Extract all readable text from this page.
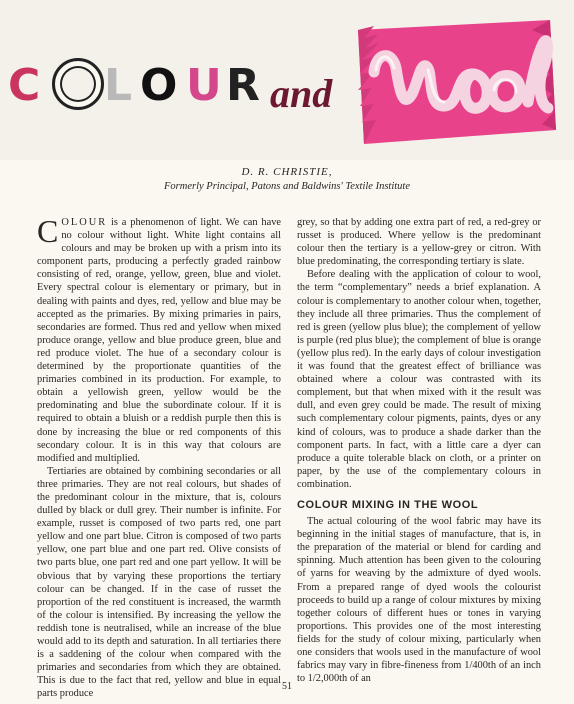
C L O U R and
D. R. CHRISTIE,
Formerly Principal, Patons and Baldwins' Textile Institute

COLOUR is a phenomenon of light. We can have no colour without light. White light contains all colours and may be broken up with a prism into its component parts, producing a perfectly graded rainbow consisting of red, orange, yellow, green, blue and violet. Every spectral colour is elementary or primary, but in dealing with paints and dyes, red, yellow and blue may be accepted as the primaries. By mixing primaries in pairs, secondaries are formed. Thus red and yellow when mixed produce orange, yellow and blue produce green, blue and red produce violet. The hue of a secondary colour is determined by the proportionate quantities of the primaries combined in its production. For example, to obtain a yellowish green, yellow would be the predominating and blue the subordinate colour. If it is required to obtain a bluish or a reddish purple then this is done by increasing the blue or red components of this secondary colour. It is in this way that colours are modified and multiplied.

Tertiaries are obtained by combining secondaries or all three primaries. They are not real colours, but shades of the predominant colour in the mixture, that is, colours dulled by black or dull grey. Their number is infinite. For example, russet is composed of two parts red, one part yellow and one part blue. Citron is composed of two parts yellow, one part blue and one part red. Olive consists of two parts blue, one part red and one part yellow. It will be obvious that by varying these proportions the tertiary colour can be changed. If in the case of russet the proportion of the red constituent is increased, the warmth of the colour is intensified. By increasing the yellow the reddish tone is neutralised, while an increase of the blue would add to its depth and saturation. In all tertiaries there is a saddening of the colour when compared with the primaries and secondaries from which they are obtained. This is due to the fact that red, yellow and blue in equal parts produce

grey, so that by adding one extra part of red, a red-grey or russet is produced. Where yellow is the predominant colour then the tertiary is a yellow-grey or citron. With blue predominating, the corresponding tertiary is slate.

Before dealing with the application of colour to wool, the term “complementary” needs a brief explanation. A colour is complementary to another colour when, together, they include all three primaries. Thus the complement of red is green (yellow plus blue); the complement of yellow is purple (red plus blue); the complement of blue is orange (yellow plus red). In the early days of colour investigation it was found that the greatest effect of brilliance was obtained where a colour was contrasted with its complement, but that when mixed with it the result was dull, and even grey could be made. The result of mixing such complementary colour pigments, paints, dyes or any kind of colours, was to produce a shade darker than the component parts. In fact, with a little care a dyer can produce a quite tolerable black on cloth, or a printer on paper, by the use of the complementary colours in combination.

COLOUR MIXING IN THE WOOL

The actual colouring of the wool fabric may have its beginning in the initial stages of manufacture, that is, in the preparation of the material or blend for carding and spinning. Much attention has been given to the colouring of yarns for weaving by the admixture of dyed wools. From a prepared range of dyed wools the colourist proceeds to build up a range of colour mixtures by mixing together colours of different hues or tones in varying proportions. This provides one of the most interesting fields for the study of colour mixing, particularly when one considers that wools used in the manufacture of wool fabrics may vary in fibre-fineness from 1/400th of an inch to 1/2,000th of an

51
